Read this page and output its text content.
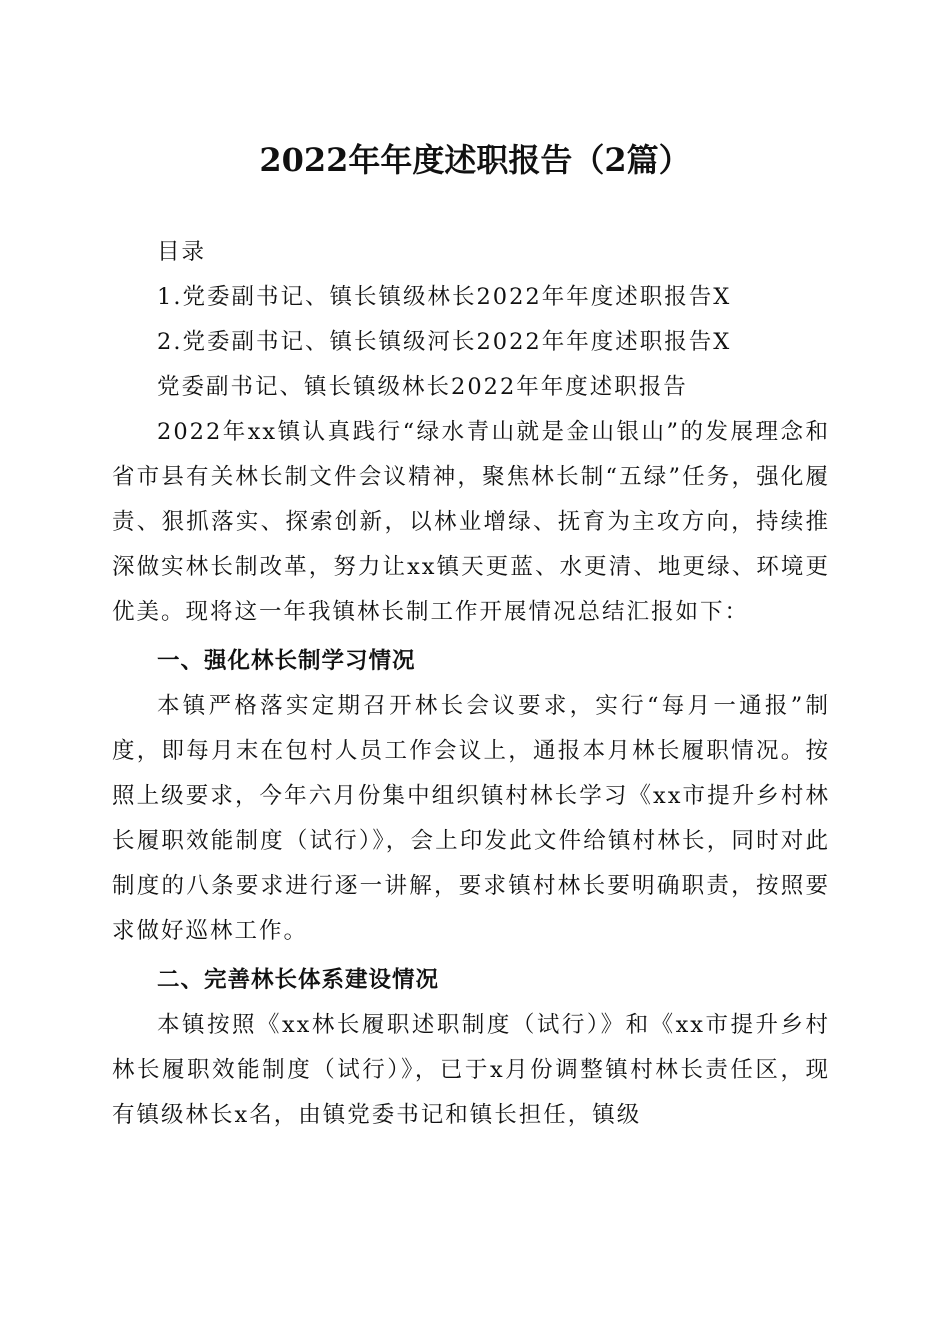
2022年年度述职报告（2篇）

目录

1.党委副书记、镇长镇级林长2022年年度述职报告X

2.党委副书记、镇长镇级河长2022年年度述职报告X

党委副书记、镇长镇级林长2022年年度述职报告

2022年xx镇认真践行“绿水青山就是金山银山”的发展理念和省市县有关林长制文件会议精神，聚焦林长制“五绿”任务，强化履责、狠抓落实、探索创新，以林业增绿、抚育为主攻方向，持续推深做实林长制改革，努力让xx镇天更蓝、水更清、地更绿、环境更优美。现将这一年我镇林长制工作开展情况总结汇报如下：

一、强化林长制学习情况

本镇严格落实定期召开林长会议要求，实行“每月一通报”制度，即每月末在包村人员工作会议上，通报本月林长履职情况。按照上级要求，今年六月份集中组织镇村林长学习《xx市提升乡村林长履职效能制度（试行）》，会上印发此文件给镇村林长，同时对此制度的八条要求进行逐一讲解，要求镇村林长要明确职责，按照要求做好巡林工作。

二、完善林长体系建设情况

本镇按照《xx林长履职述职制度（试行）》和《xx市提升乡村林长履职效能制度（试行）》，已于x月份调整镇村林长责任区，现有镇级林长x名，由镇党委书记和镇长担任，镇级
